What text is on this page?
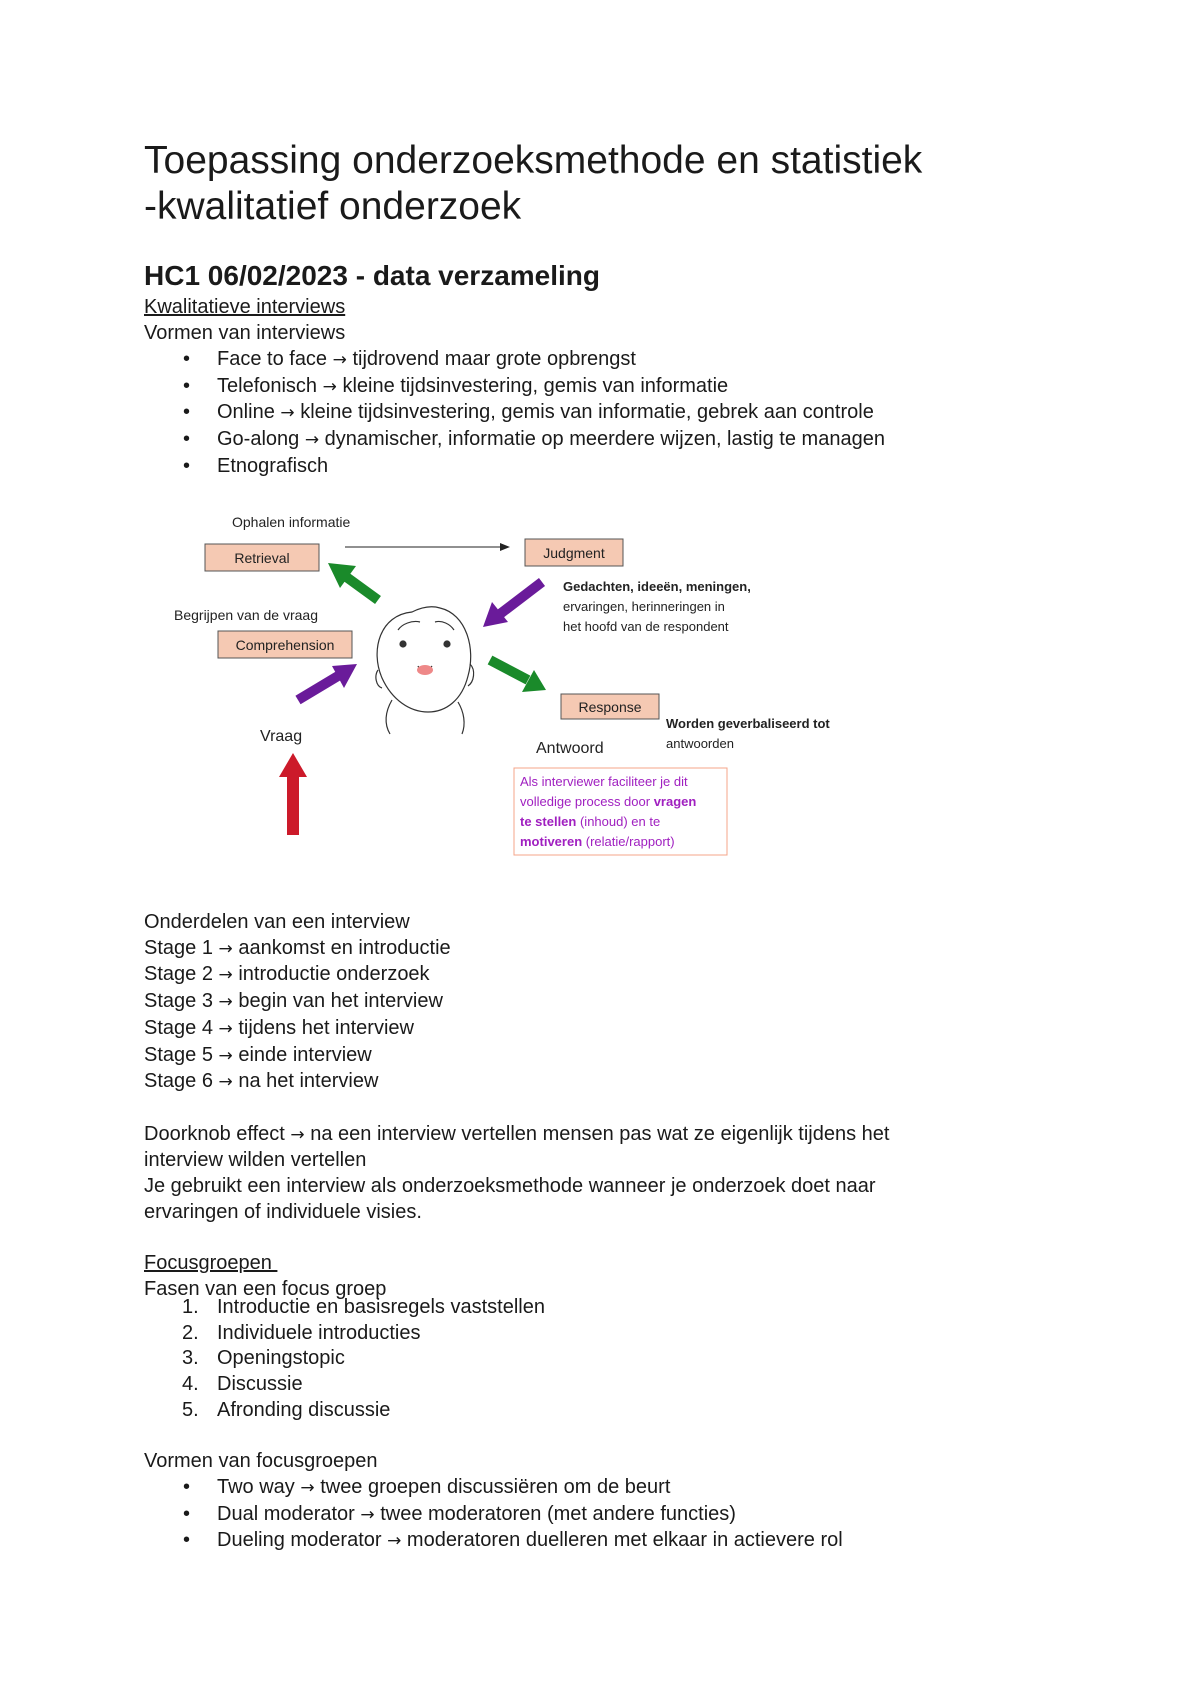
Toepassing onderzoeksmethode en statistiek
-kwalitatief onderzoek
HC1 06/02/2023 - data verzameling
Kwalitatieve interviews
Vormen van interviews
• Face to face → tijdrovend maar grote opbrengst
• Telefonisch → kleine tijdsinvestering, gemis van informatie
• Online → kleine tijdsinvestering, gemis van informatie, gebrek aan controle
• Go-along → dynamischer, informatie op meerdere wijzen, lastig te managen
• Etnografisch
Ophalen informatie
Retrieval	Judgment
Gedachten, ideeën, meningen,
ervaringen, herinneringen in
het hoofd van de respondent
Begrijpen van de vraag
Comprehension
Response
Worden geverbaliseerd tot
antwoorden
Vraag
Antwoord
Als interviewer faciliteer je dit
volledige process door vragen
te stellen (inhoud) en te
motiveren (relatie/rapport)
Onderdelen van een interview
Stage 1 → aankomst en introductie
Stage 2 → introductie onderzoek
Stage 3 → begin van het interview
Stage 4 → tijdens het interview
Stage 5 → einde interview
Stage 6 → na het interview

Doorknob effect → na een interview vertellen mensen pas wat ze eigenlijk tijdens het
interview wilden vertellen
Je gebruikt een interview als onderzoeksmethode wanneer je onderzoek doet naar
ervaringen of individuele visies.

Focusgroepen
Fasen van een focus groep
1. Introductie en basisregels vaststellen
2. Individuele introducties
3. Openingstopic
4. Discussie
5. Afronding discussie
Vormen van focusgroepen
• Two way → twee groepen discussiëren om de beurt
• Dual moderator → twee moderatoren (met andere functies)
• Dueling moderator → moderatoren duelleren met elkaar in actievere rol
